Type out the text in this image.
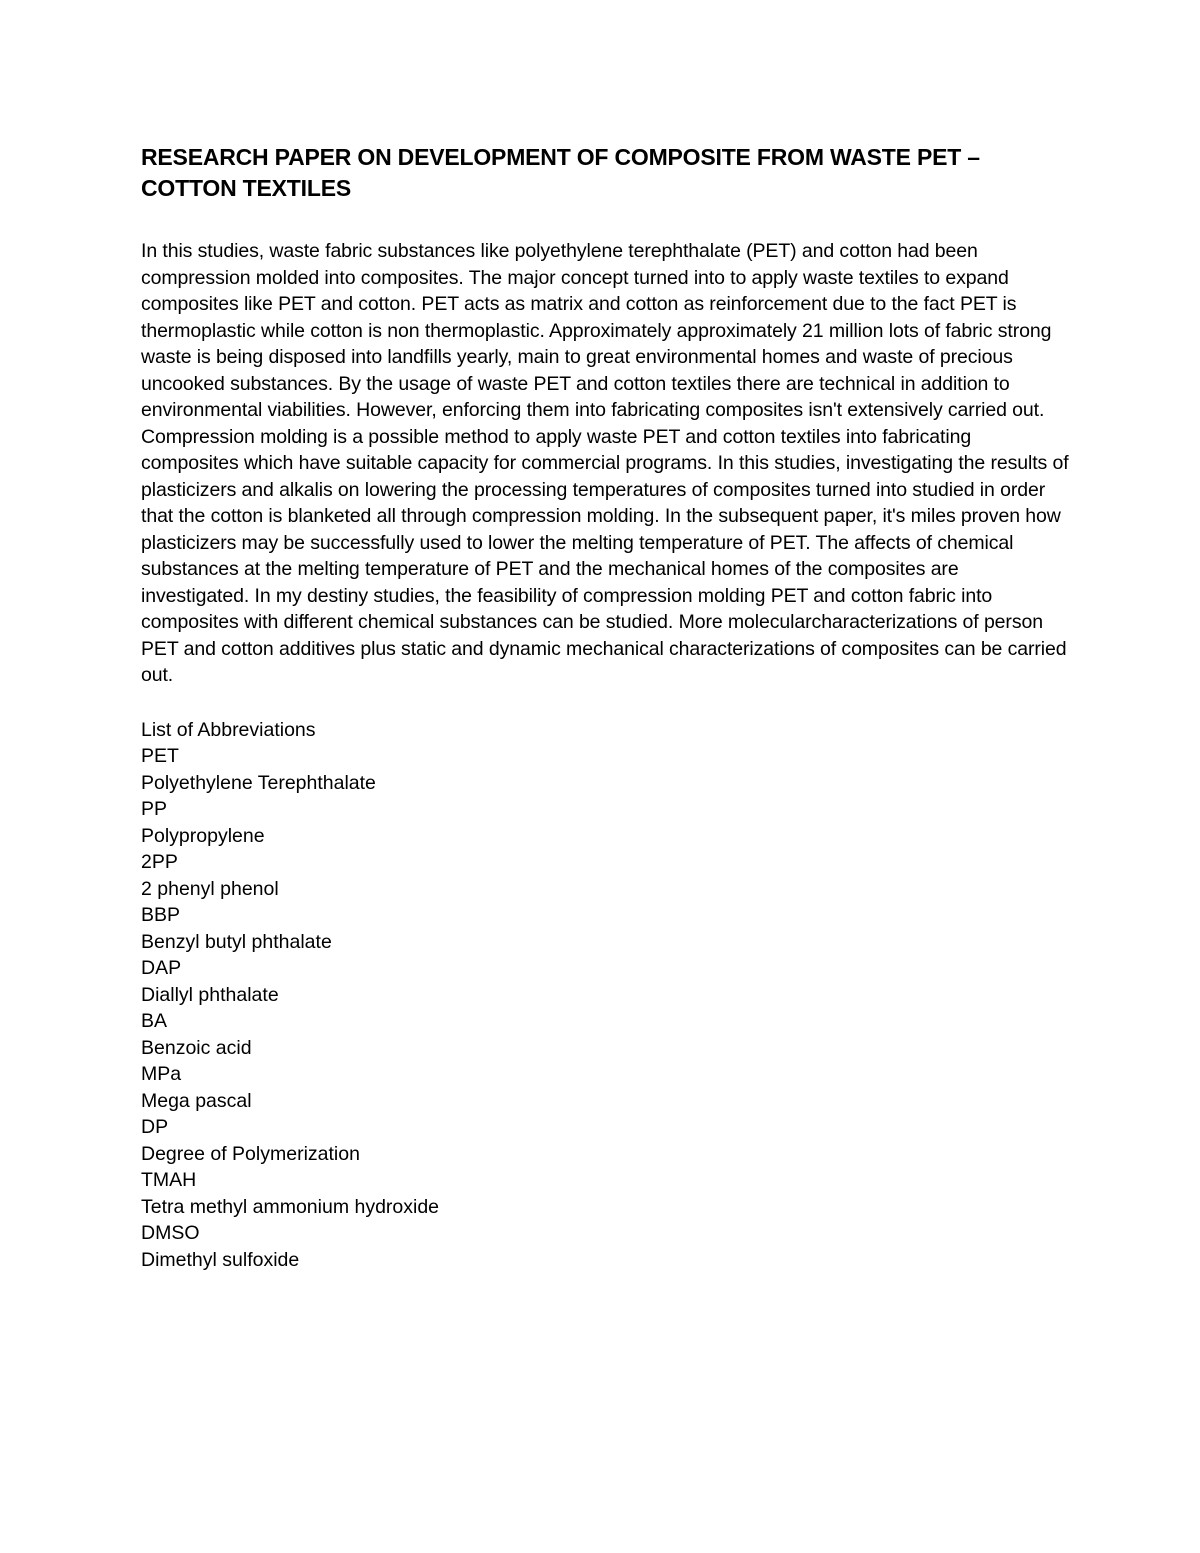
RESEARCH PAPER ON DEVELOPMENT OF COMPOSITE FROM WASTE PET – COTTON TEXTILES

In this studies, waste fabric substances like polyethylene terephthalate (PET) and cotton had been compression molded into composites. The major concept turned into to apply waste textiles to expand composites like PET and cotton. PET acts as matrix and cotton as reinforcement due to the fact PET is thermoplastic while cotton is non thermoplastic. Approximately approximately 21 million lots of fabric strong waste is being disposed into landfills yearly, main to great environmental homes and waste of precious uncooked substances. By the usage of waste PET and cotton textiles there are technical in addition to environmental viabilities. However, enforcing them into fabricating composites isn't extensively carried out. Compression molding is a possible method to apply waste PET and cotton textiles into fabricating composites which have suitable capacity for commercial programs. In this studies, investigating the results of plasticizers and alkalis on lowering the processing temperatures of composites turned into studied in order that the cotton is blanketed all through compression molding. In the subsequent paper, it's miles proven how plasticizers may be successfully used to lower the melting temperature of PET. The affects of chemical substances at the melting temperature of PET and the mechanical homes of the composites are investigated. In my destiny studies, the feasibility of compression molding PET and cotton fabric into composites with different chemical substances can be studied. More molecularcharacterizations of person PET and cotton additives plus static and dynamic mechanical characterizations of composites can be carried out.

List of Abbreviations
PET
Polyethylene Terephthalate
PP
Polypropylene
2PP
2 phenyl phenol
BBP
Benzyl butyl phthalate
DAP
Diallyl phthalate
BA
Benzoic acid
MPa
Mega pascal
DP
Degree of Polymerization
TMAH
Tetra methyl ammonium hydroxide
DMSO
Dimethyl sulfoxide
